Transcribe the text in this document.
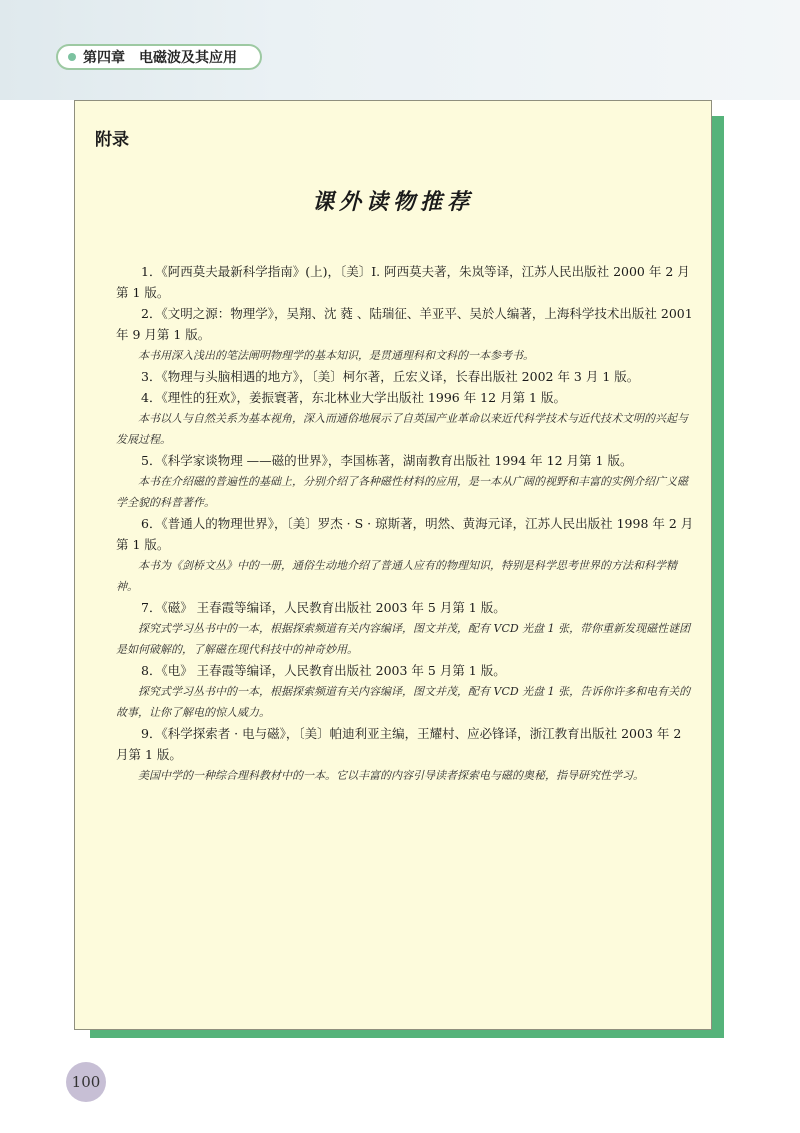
第四章 电磁波及其应用
附录
课外读物推荐

1．《阿西莫夫最新科学指南》(上)，〔美〕I. 阿西莫夫著，朱岚等译，江苏人民出版社 2000 年 2 月第 1 版。

2．《文明之源：物理学》，吴翔、沈 蕤 、陆瑞征、羊亚平、吴於人编著，上海科学技术出版社 2001 年 9 月第 1 版。

本书用深入浅出的笔法阐明物理学的基本知识，是贯通理科和文科的一本参考书。

3．《物理与头脑相遇的地方》，〔美〕柯尔著，丘宏义译，长春出版社 2002 年 3 月 1 版。

4．《理性的狂欢》，姜振寰著，东北林业大学出版社 1996 年 12 月第 1 版。

本书以人与自然关系为基本视角，深入而通俗地展示了自英国产业革命以来近代科学技术与近代技术文明的兴起与发展过程。

5．《科学家谈物理 ——磁的世界》，李国栋著，湖南教育出版社 1994 年 12 月第 1 版。

本书在介绍磁的普遍性的基础上，分别介绍了各种磁性材料的应用，是一本从广阔的视野和丰富的实例介绍广义磁学全貌的科普著作。

6．《普通人的物理世界》，〔美〕罗杰 · S · 琼斯著，明然、黄海元译，江苏人民出版社 1998 年 2 月第 1 版。

本书为《剑桥文丛》中的一册，通俗生动地介绍了普通人应有的物理知识，特别是科学思考世界的方法和科学精神。

7．《磁》 王春霞等编译，人民教育出版社 2003 年 5 月第 1 版。

探究式学习丛书中的一本，根据探索频道有关内容编译，图文并茂，配有 VCD 光盘 1 张，带你重新发现磁性谜团是如何破解的，了解磁在现代科技中的神奇妙用。

8．《电》 王春霞等编译，人民教育出版社 2003 年 5 月第 1 版。

探究式学习丛书中的一本，根据探索频道有关内容编译，图文并茂，配有 VCD 光盘 1 张，告诉你许多和电有关的故事，让你了解电的惊人威力。

9．《科学探索者 · 电与磁》，〔美〕帕迪利亚主编，王耀村、应必锋译，浙江教育出版社 2003 年 2 月第 1 版。

美国中学的一种综合理科教材中的一本。它以丰富的内容引导读者探索电与磁的奥秘，指导研究性学习。

100
